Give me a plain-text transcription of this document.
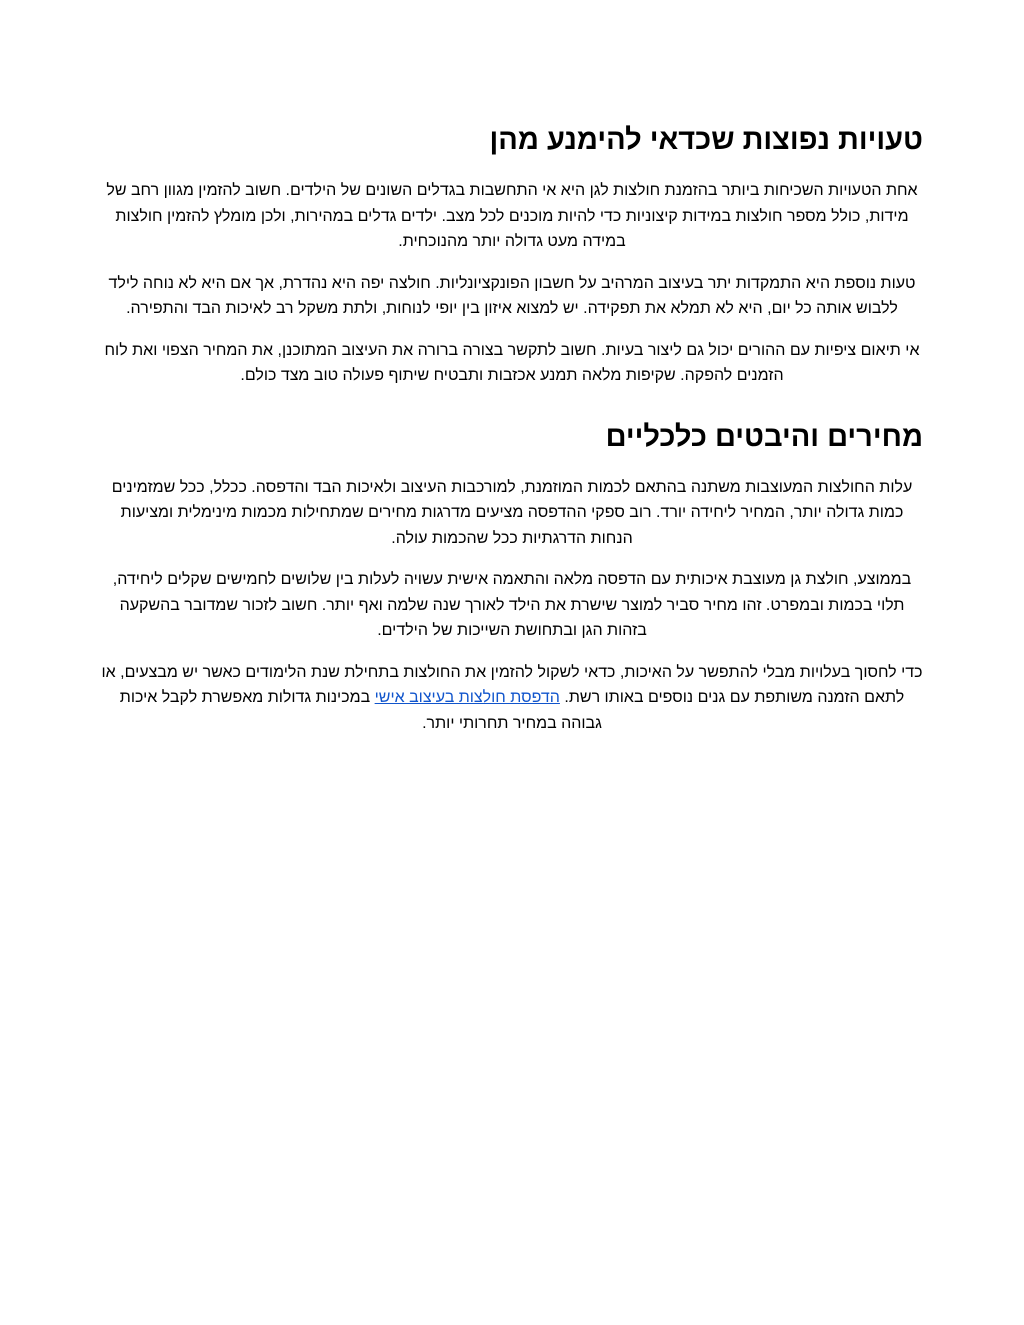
טעויות נפוצות שכדאי להימנע מהן

אחת הטעויות השכיחות ביותר בהזמנת חולצות לגן היא אי התחשבות בגדלים השונים של הילדים. חשוב להזמין מגוון רחב של מידות, כולל מספר חולצות במידות קיצוניות כדי להיות מוכנים לכל מצב. ילדים גדלים במהירות, ולכן מומלץ להזמין חולצות במידה מעט גדולה יותר מהנוכחית.

טעות נוספת היא התמקדות יתר בעיצוב המרהיב על חשבון הפונקציונליות. חולצה יפה היא נהדרת, אך אם היא לא נוחה לילד ללבוש אותה כל יום, היא לא תמלא את תפקידה. יש למצוא איזון בין יופי לנוחות, ולתת משקל רב לאיכות הבד והתפירה.

אי תיאום ציפיות עם ההורים יכול גם ליצור בעיות. חשוב לתקשר בצורה ברורה את העיצוב המתוכנן, את המחיר הצפוי ואת לוח הזמנים להפקה. שקיפות מלאה תמנע אכזבות ותבטיח שיתוף פעולה טוב מצד כולם.

מחירים והיבטים כלכליים

עלות החולצות המעוצבות משתנה בהתאם לכמות המוזמנת, למורכבות העיצוב ולאיכות הבד והדפסה. ככלל, ככל שמזמינים כמות גדולה יותר, המחיר ליחידה יורד. רוב ספקי ההדפסה מציעים מדרגות מחירים שמתחילות מכמות מינימלית ומציעות הנחות הדרגתיות ככל שהכמות עולה.

בממוצע, חולצת גן מעוצבת איכותית עם הדפסה מלאה והתאמה אישית עשויה לעלות בין שלושים לחמישים שקלים ליחידה, תלוי בכמות ובמפרט. זהו מחיר סביר למוצר שישרת את הילד לאורך שנה שלמה ואף יותר. חשוב לזכור שמדובר בהשקעה בזהות הגן ובתחושת השייכות של הילדים.

כדי לחסוך בעלויות מבלי להתפשר על האיכות, כדאי לשקול להזמין את החולצות בתחילת שנת הלימודים כאשר יש מבצעים, או לתאם הזמנה משותפת עם גנים נוספים באותו רשת. הדפסת חולצות בעיצוב אישי במכינות גדולות מאפשרת לקבל איכות גבוהה במחיר תחרותי יותר.
